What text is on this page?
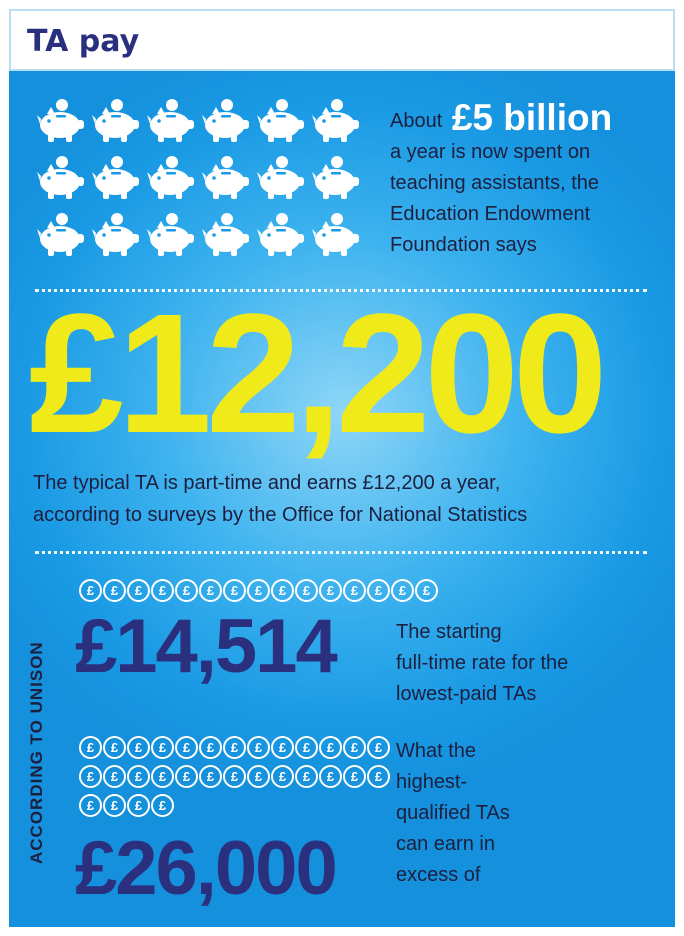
TA pay
About £5 billion
a year is now spent on
teaching assistants, the
Education Endowment
Foundation says
£12,200
The typical TA is part-time and earns £12,200 a year,
according to surveys by the Office for National Statistics
ACCORDING TO UNISON
£	£	£	£	£	£	£	£	£	£	£	£	£	£	£
£14,514	The starting
full-time rate for the
lowest-paid TAs
£	£	£	£	£	£	£	£	£	£	£	£	£
£	£	£	£	£	£	£	£	£	£	£	£	£
£	£	£	£
£26,000
What the
highest-
qualified TAs
can earn in
excess of
